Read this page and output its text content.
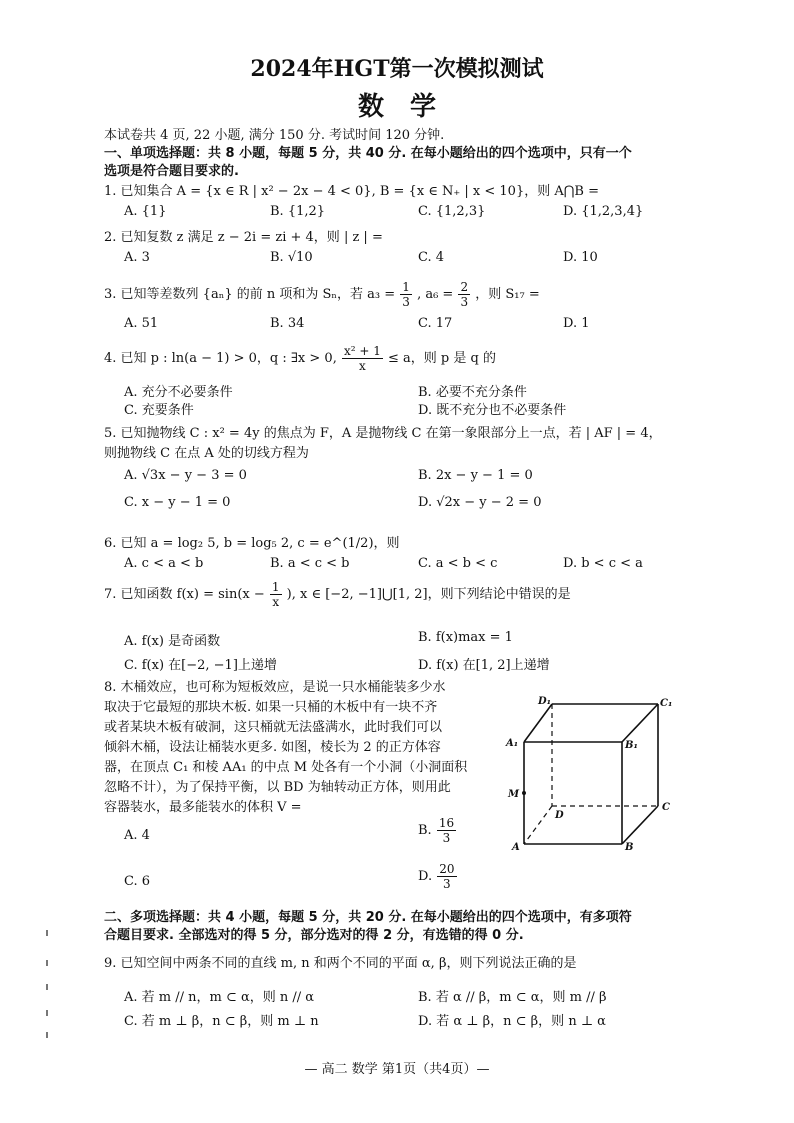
2024年HGT第一次模拟测试
数　学
本试卷共 4 页, 22 小题, 满分 150 分. 考试时间 120 分钟.
一、单项选择题：共 8 小题，每题 5 分，共 40 分. 在每小题给出的四个选项中，只有一个
选项是符合题目要求的.
1. 已知集合 A = {x ∈ R | x² − 2x − 4 < 0}, B = {x ∈ N₊ | x < 10}，则 A⋂B =
A. {1}	B. {1,2}	C. {1,2,3}	D. {1,2,3,4}
2. 已知复数 z 满足 z − 2i = zi + 4，则 | z | =
A. 3	B. √10	C. 4	D. 10
3. 已知等差数列 {aₙ} 的前 n 项和为 Sₙ，若 $a_3 = \frac{1}{3}$ , $a_6 = \frac{2}{3}$ ，则 S₁₇ =
A. 51	B. 34	C. 17	D. 1
4. 已知 p : ln(a − 1) > 0，q : ∃x > 0, $\frac{\text{x² + 1}}{x} \le a$，则 p 是 q 的
A. 充分不必要条件	B. 必要不充分条件
C. 充要条件	D. 既不充分也不必要条件
5. 已知抛物线 C : x² = 4y 的焦点为 F，A 是抛物线 C 在第一象限部分上一点，若 | AF | = 4，
则抛物线 C 在点 A 处的切线方程为
A. √3x − y − 3 = 0	B. 2x − y − 1 = 0
C. x − y − 1 = 0	D. √2x − y − 2 = 0
6. 已知 a = log₂ 5, b = log₅ 2, c = e^(1/2)，则
A. c < a < b	B. a < c < b	C. a < b < c	D. b < c < a
7. 已知函数 $f(x) = \sin(x - \frac{1}{x}$ ), x ∈ [−2, −1]⋃[1, 2]，则下列结论中错误的是
A. f(x) 是奇函数	B. f(x)max = 1
C. f(x) 在[−2, −1]上递增	D. f(x) 在[1, 2]上递增
8. 木桶效应，也可称为短板效应，是说一只水桶能装多少水
取决于它最短的那块木板. 如果一只桶的木板中有一块不齐
或者某块木板有破洞，这只桶就无法盛满水，此时我们可以
倾斜木桶，设法让桶装水更多. 如图，棱长为 2 的正方体容
器，在顶点 C₁ 和棱 AA₁ 的中点 M 处各有一个小洞（小洞面积
忽略不计），为了保持平衡，以 BD 为轴转动正方体，则用此
容器装水，最多能装水的体积 V =
A. 4	B. $\frac{16}{3}$
C. 6	D. $\frac{20}{3}$
D₁	C₁
A₁	B₁
M
D
C
A	B
二、多项选择题：共 4 小题，每题 5 分，共 20 分. 在每小题给出的四个选项中，有多项符
合题目要求. 全部选对的得 5 分，部分选对的得 2 分，有选错的得 0 分.
9. 已知空间中两条不同的直线 m, n 和两个不同的平面 α, β，则下列说法正确的是
A. 若 m // n，m ⊂ α，则 n // α	B. 若 α // β，m ⊂ α，则 m // β
C. 若 m ⊥ β，n ⊂ β，则 m ⊥ n	D. 若 α ⊥ β，n ⊂ β，则 n ⊥ α
— 高二 数学 第1页（共4页）—
